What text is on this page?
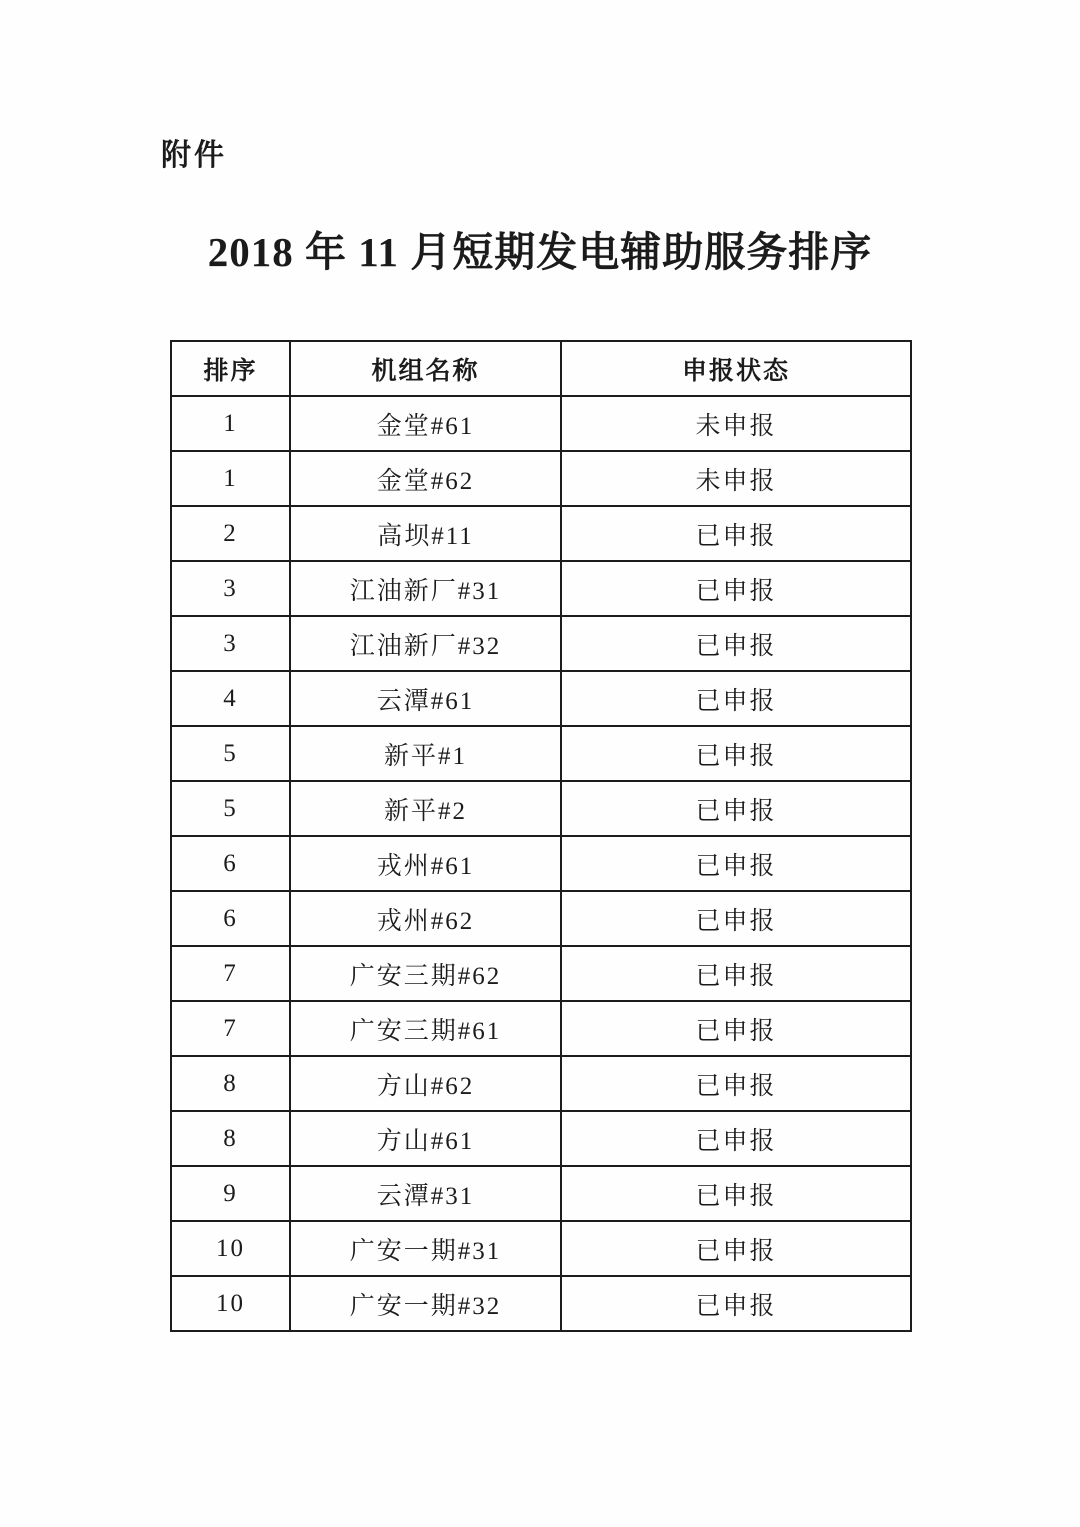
附件
2018 年 11 月短期发电辅助服务排序
排序	机组名称	申报状态
1	金堂#61	未申报
1	金堂#62	未申报
2	高坝#11	已申报
3	江油新厂#31	已申报
3	江油新厂#32	已申报
4	云潭#61	已申报
5	新平#1	已申报
5	新平#2	已申报
6	戎州#61	已申报
6	戎州#62	已申报
7	广安三期#62	已申报
7	广安三期#61	已申报
8	方山#62	已申报
8	方山#61	已申报
9	云潭#31	已申报
10	广安一期#31	已申报
10	广安一期#32	已申报
